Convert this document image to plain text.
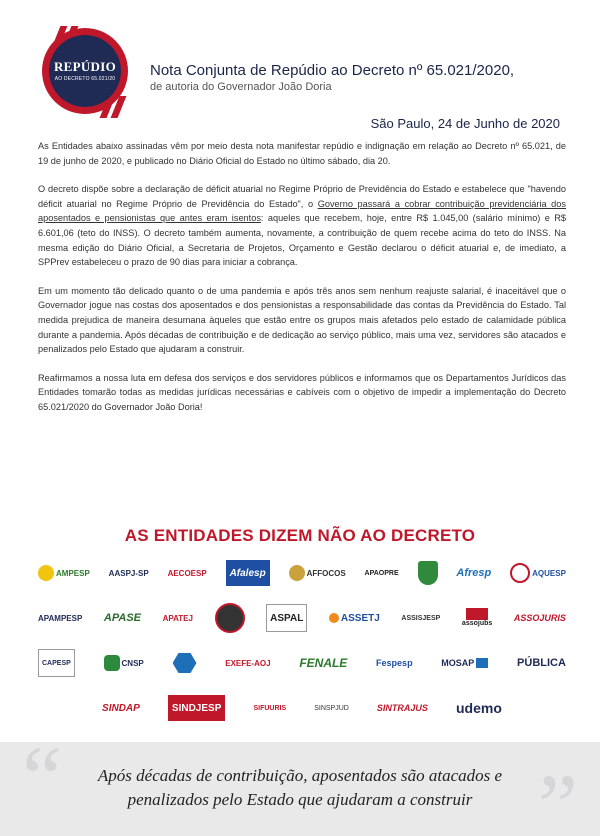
REPÚDIO
AO DECRETO 65.021/20	Nota Conjunta de Repúdio ao Decreto nº 65.021/2020,
de autoria do Governador João Doria
São Paulo, 24 de Junho de 2020

As Entidades abaixo assinadas vêm por meio desta nota manifestar repúdio e indignação em relação ao Decreto nº 65.021, de 19 de junho de 2020, e publicado no Diário Oficial do Estado no último sábado, dia 20.

O decreto dispõe sobre a declaração de déficit atuarial no Regime Próprio de Previdência do Estado e estabelece que "havendo déficit atuarial no Regime Próprio de Previdência do Estado", o Governo passará a cobrar contribuição previdenciária dos aposentados e pensionistas que antes eram isentos: aqueles que recebem, hoje, entre R$ 1.045,00 (salário mínimo) e R$ 6.601,06 (teto do INSS). O decreto também aumenta, novamente, a contribuição de quem recebe acima do teto do INSS. Na mesma edição do Diário Oficial, a Secretaria de Projetos, Orçamento e Gestão declarou o déficit atuarial e, de imediato, a SPPrev estabeleceu o prazo de 90 dias para iniciar a cobrança.

Em um momento tão delicado quanto o de uma pandemia e após três anos sem nenhum reajuste salarial, é inaceitável que o Governador jogue nas costas dos aposentados e dos pensionistas a responsabilidade das contas da Previdência do Estado. Tal medida prejudica de maneira desumana àqueles que estão entre os grupos mais afetados pelo estado de calamidade pública durante a pandemia. Após décadas de contribuição e de dedicação ao serviço público, mais uma vez, servidores são atacados e penalizados pelo Estado que ajudaram a construir.

Reafirmamos a nossa luta em defesa dos serviços e dos servidores públicos e informamos que os Departamentos Jurídicos das Entidades tomarão todas as medidas jurídicas necessárias e cabíveis com o objetivo de impedir a implementação do Decreto 65.021/2020 do Governador João Doria!

AS ENTIDADES DIZEM NÃO AO DECRETO
AMPESP AASPJ-SP AECOESP Afalesp	AFFOCOS	APAOPRE	Afresp	AQUESP
APAMPESP APASE	APATEJ	ASPAL	ASSETJ	ASSISJESP
assojubs
ASSOJURIS
CAPESP	CNSP	EXEFE-AOJ FENALE	Fespesp	MOSAP	PÚBLICA
SINDAP	SINDJESP	SIFUURIS	SINSPJUD	SINTRAJUS udemo
“	”
Após décadas de contribuição, aposentados são atacados e
penalizados pelo Estado que ajudaram a construir
